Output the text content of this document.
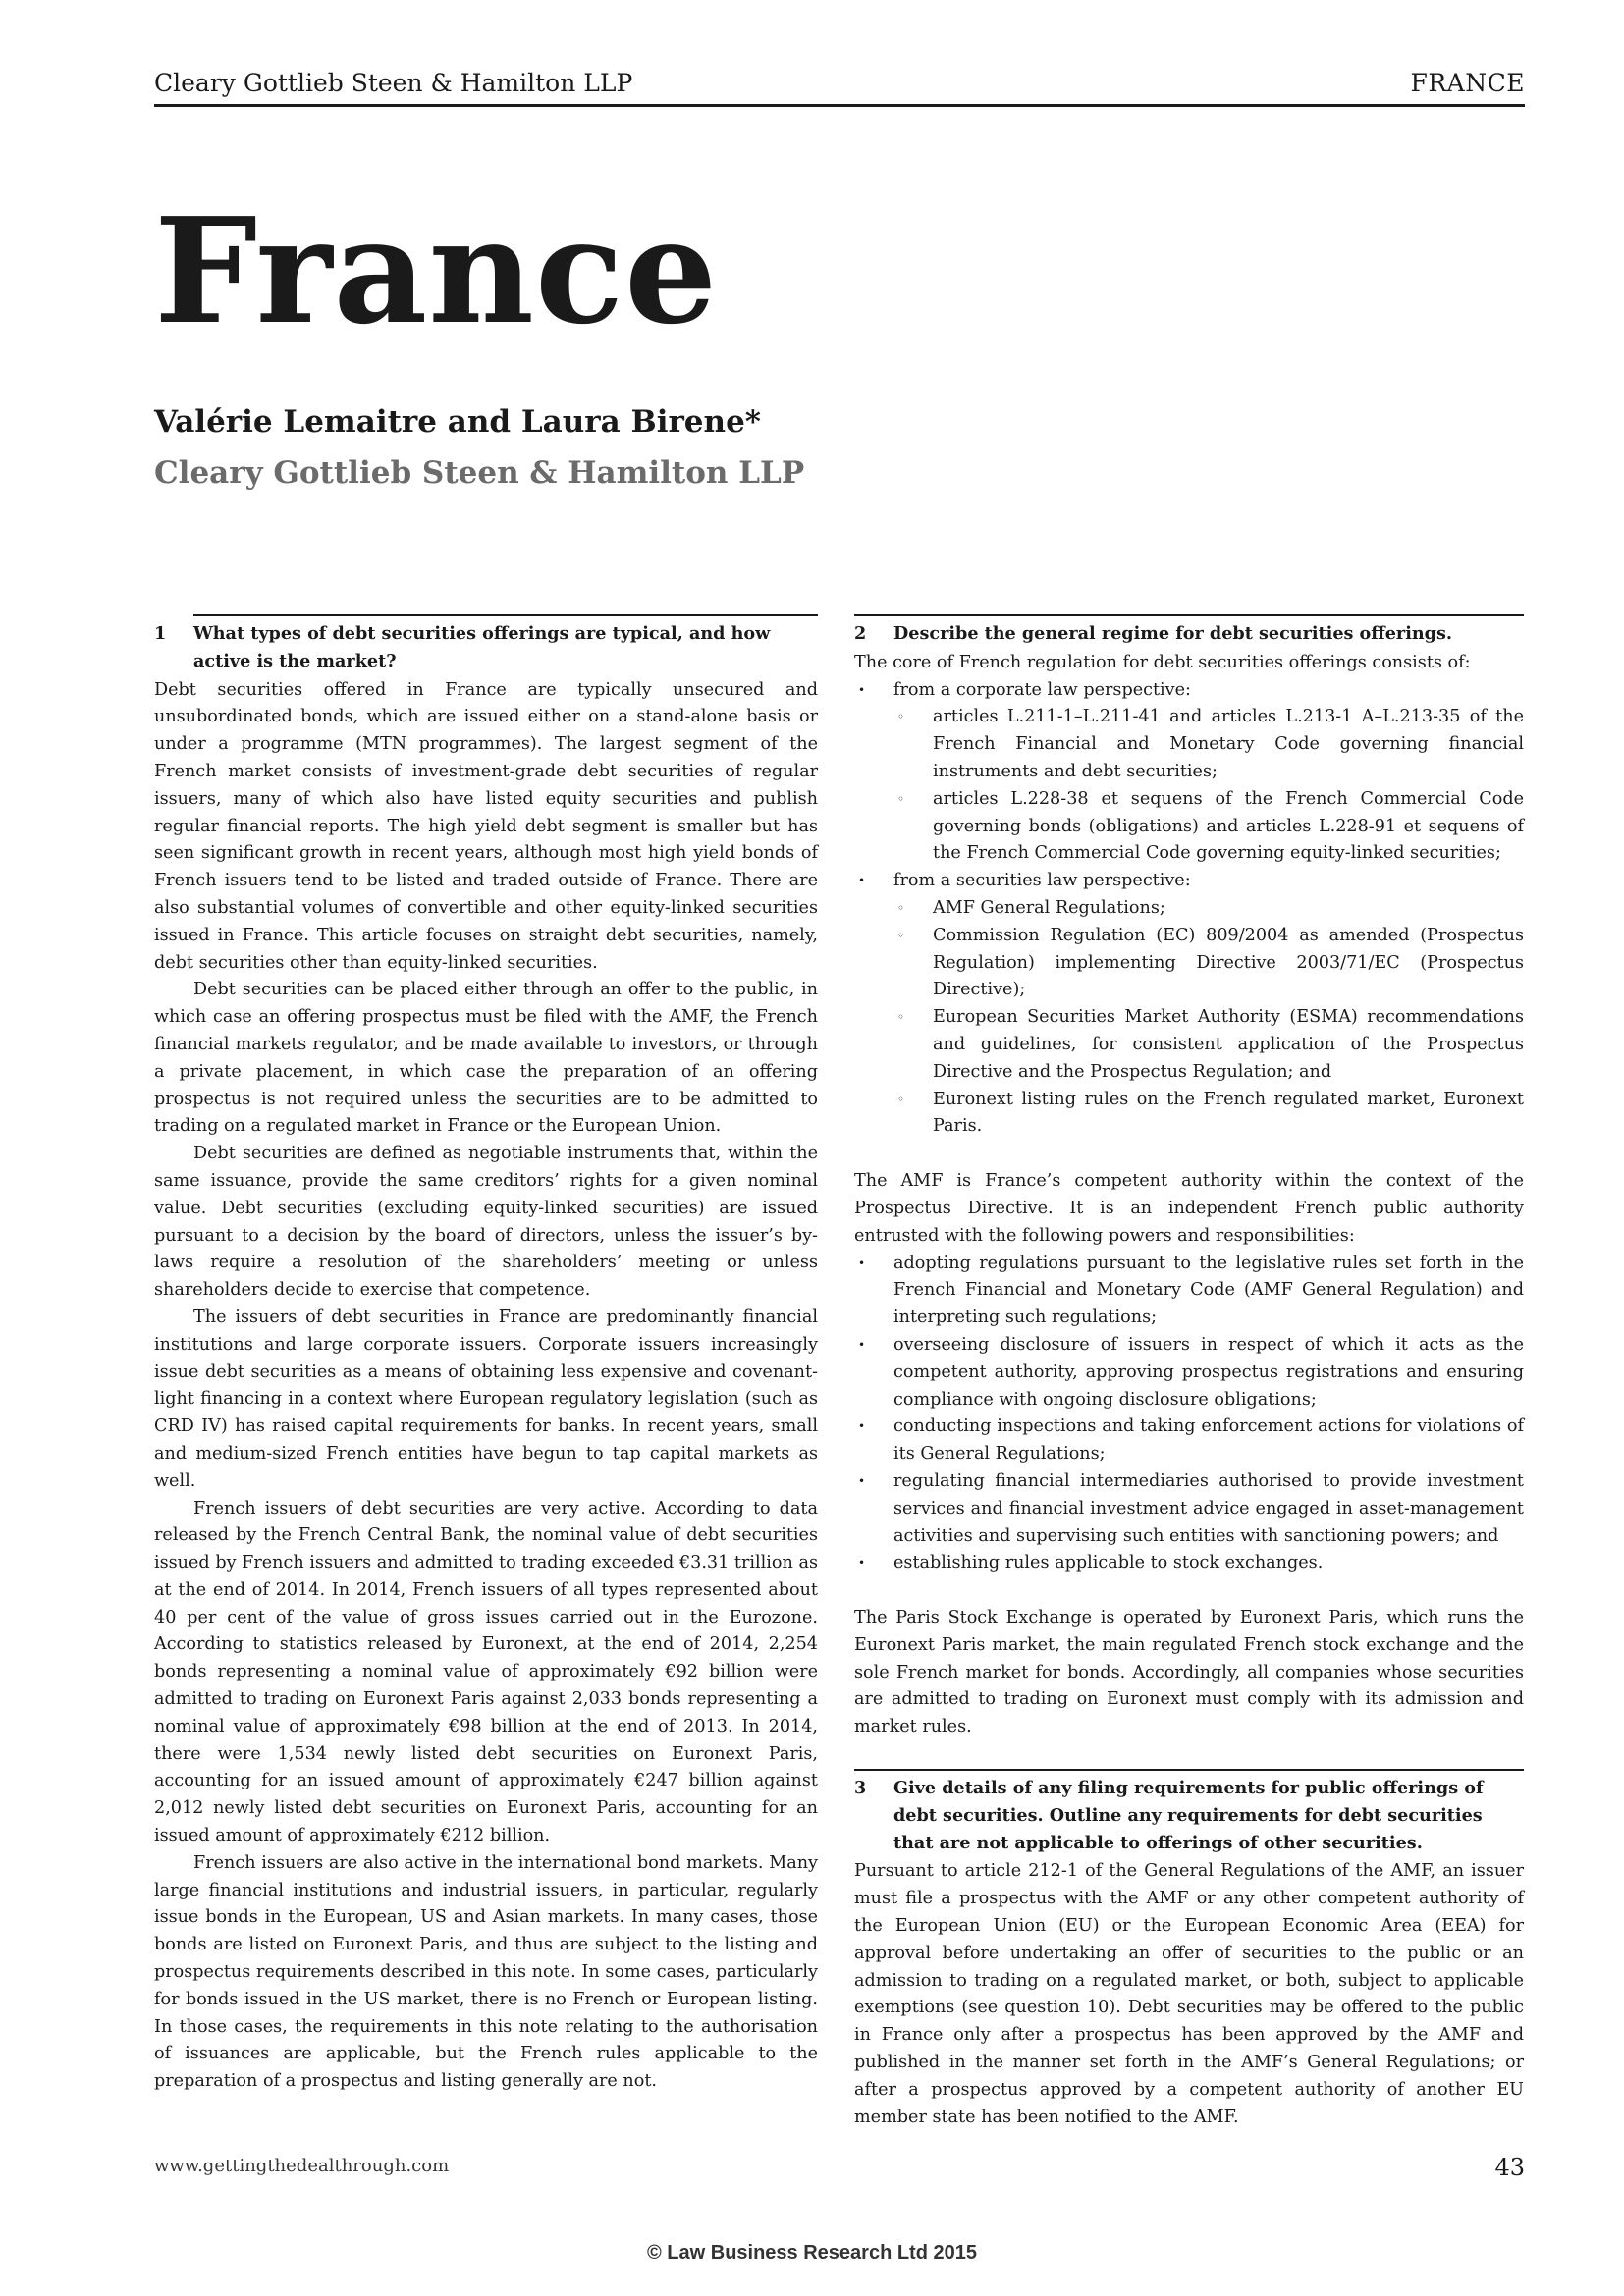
Cleary Gottlieb Steen & Hamilton LLP	FRANCE
France
Valérie Lemaitre and Laura Birene*
Cleary Gottlieb Steen & Hamilton LLP
1	What types of debt securities offerings are typical, and how active is the market?

Debt securities offered in France are typically unsecured and unsubordinated bonds, which are issued either on a stand-alone basis or under a programme (MTN programmes). The largest segment of the French market consists of investment-grade debt securities of regular issuers, many of which also have listed equity securities and publish regular financial reports. The high yield debt segment is smaller but has seen significant growth in recent years, although most high yield bonds of French issuers tend to be listed and traded outside of France. There are also substantial volumes of convertible and other equity-linked securities issued in France. This article focuses on straight debt securities, namely, debt securities other than equity-linked securities.

Debt securities can be placed either through an offer to the public, in which case an offering prospectus must be filed with the AMF, the French financial markets regulator, and be made available to investors, or through a private placement, in which case the preparation of an offering prospectus is not required unless the securities are to be admitted to trading on a regulated market in France or the European Union.

Debt securities are defined as negotiable instruments that, within the same issuance, provide the same creditors’ rights for a given nominal value. Debt securities (excluding equity-linked securities) are issued pursuant to a decision by the board of directors, unless the issuer’s by-laws require a resolution of the shareholders’ meeting or unless shareholders decide to exercise that competence.

The issuers of debt securities in France are predominantly financial institutions and large corporate issuers. Corporate issuers increasingly issue debt securities as a means of obtaining less expensive and covenant-light financing in a context where European regulatory legislation (such as CRD IV) has raised capital requirements for banks. In recent years, small and medium-sized French entities have begun to tap capital markets as well.

French issuers of debt securities are very active. According to data released by the French Central Bank, the nominal value of debt securities issued by French issuers and admitted to trading exceeded €3.31 trillion as at the end of 2014. In 2014, French issuers of all types represented about 40 per cent of the value of gross issues carried out in the Eurozone. According to statistics released by Euronext, at the end of 2014, 2,254 bonds representing a nominal value of approximately €92 billion were admitted to trading on Euronext Paris against 2,033 bonds representing a nominal value of approximately €98 billion at the end of 2013. In 2014, there were 1,534 newly listed debt securities on Euronext Paris, accounting for an issued amount of approximately €247 billion against 2,012 newly listed debt securities on Euronext Paris, accounting for an issued amount of approximately €212 billion.

French issuers are also active in the international bond markets. Many large financial institutions and industrial issuers, in particular, regularly issue bonds in the European, US and Asian markets. In many cases, those bonds are listed on Euronext Paris, and thus are subject to the listing and prospectus requirements described in this note. In some cases, particularly for bonds issued in the US market, there is no French or European listing. In those cases, the requirements in this note relating to the authorisation of issuances are applicable, but the French rules applicable to the preparation of a prospectus and listing generally are not.

2	Describe the general regime for debt securities offerings.

The core of French regulation for debt securities offerings consists of:

• from a corporate law perspective:
◦ articles L.211-1–L.211-41 and articles L.213-1 A–L.213-35 of the French Financial and Monetary Code governing financial instruments and debt securities;
◦ articles L.228-38 et sequens of the French Commercial Code governing bonds (obligations) and articles L.228-91 et sequens of the French Commercial Code governing equity-linked securities;
• from a securities law perspective:
◦ AMF General Regulations;
◦ Commission Regulation (EC) 809/2004 as amended (Prospectus Regulation) implementing Directive 2003/71/EC (Prospectus Directive);
◦ European Securities Market Authority (ESMA) recommendations and guidelines, for consistent application of the Prospectus Directive and the Prospectus Regulation; and
◦ Euronext listing rules on the French regulated market, Euronext Paris.

The AMF is France’s competent authority within the context of the Prospectus Directive. It is an independent French public authority entrusted with the following powers and responsibilities:

• adopting regulations pursuant to the legislative rules set forth in the French Financial and Monetary Code (AMF General Regulation) and interpreting such regulations;
• overseeing disclosure of issuers in respect of which it acts as the competent authority, approving prospectus registrations and ensuring compliance with ongoing disclosure obligations;
• conducting inspections and taking enforcement actions for violations of its General Regulations;
• regulating financial intermediaries authorised to provide investment services and financial investment advice engaged in asset-management activities and supervising such entities with sanctioning powers; and
• establishing rules applicable to stock exchanges.

The Paris Stock Exchange is operated by Euronext Paris, which runs the Euronext Paris market, the main regulated French stock exchange and the sole French market for bonds. Accordingly, all companies whose securities are admitted to trading on Euronext must comply with its admission and market rules.

3	Give details of any filing requirements for public offerings of debt securities. Outline any requirements for debt securities that are not applicable to offerings of other securities.

Pursuant to article 212-1 of the General Regulations of the AMF, an issuer must file a prospectus with the AMF or any other competent authority of the European Union (EU) or the European Economic Area (EEA) for approval before undertaking an offer of securities to the public or an admission to trading on a regulated market, or both, subject to applicable exemptions (see question 10). Debt securities may be offered to the public in France only after a prospectus has been approved by the AMF and published in the manner set forth in the AMF’s General Regulations; or after a prospectus approved by a competent authority of another EU member state has been notified to the AMF.

www.gettingthedealthrough.com	43
© Law Business Research Ltd 2015
